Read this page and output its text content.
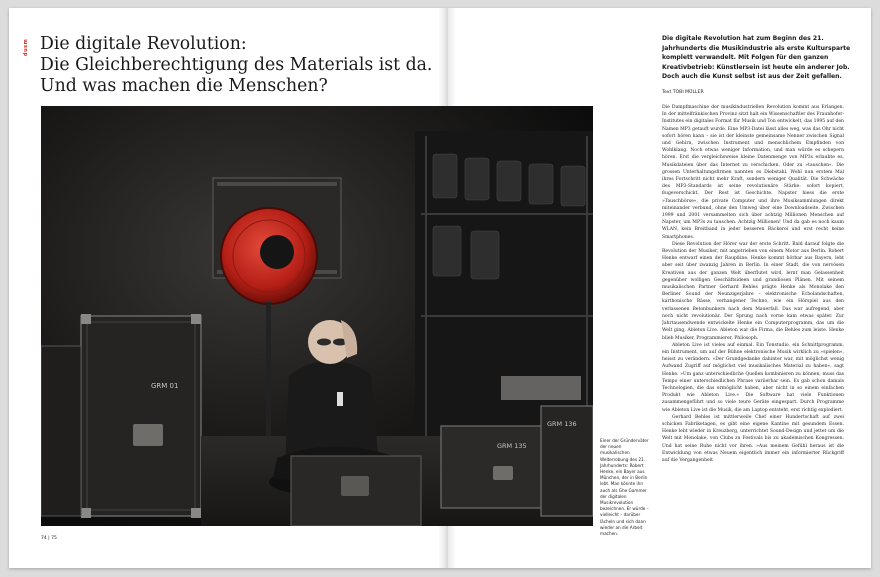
dusm Die digitale Revolution:
Die Gleichberechtigung des Materials ist da.
Und was machen die Menschen?
GRM 01
GRM 135
GRM 136
Einer der Gründerväter der neuen musikalischen Welterrobung des 21. Jahrhunderts: Robert Henke, ein Bayer aus München, der in Berlin lebt. Man könnte ihn auch als Ghe Gammer der digitalen Musikrevolution bezeichnen. Er würde – vielleicht – darüber lächeln und sich dann wieder an die Arbeit machen.
74 | 75

Die digitale Revolution hat zum Beginn des 21. Jahrhunderts die Musikindustrie als erste Kultursparte komplett verwandelt. Mit Folgen für den ganzen Kreativbetrieb: Künstlersein ist heute ein anderer Job. Doch auch die Kunst selbst ist aus der Zeit gefallen.

Text TOBI MÜLLER

Die Dampfmaschine der musikindustriellen Revolution kommt aus Erlangen. In der mittelfränkischen Provinz sitzt halt ein Wissenschaftler des Fraunhofer-Institutes ein digitales Format für Musik und Ton entwickelt, das 1995 auf den Namen MP3 getauft wurde. Eine MP3-Datei lässt alles weg, was das Ohr nicht sofort hören kann – sie ist der kleinste gemeinsame Nenner zwischen Signal und Gehirn, zwischen Instrument und menschlichem Empfinden von Wohlklang. Noch etwas weniger Information, und man würde es schepern hören. Erst die vergleichsweise kleine Datenmenge von MP3s erlaubte es, Musikdateien über das Internet zu verschicken. Oder zu »tauschen«. Die grossen Unterhaltungsfirmen nannten es Diebstahl. Wohl nun erstem Mal ihres Fortschritt nicht mehr Kraft, sondern weniger Qualität. Die Schwäche des MP3-Standards ist seine revolutionäre Stärke: sofort kopiert, ßugeverschickt. Der Rest ist Geschichte. Napster hiess die erste »Tauschbörse«, die private Computer und ihre Musiksammlungen direkt miteinander verbund, ohne den Umweg über eine Downloadseite. Zwischen 1999 und 2001 versammelten sich über achtzig Millionen Menschen auf Napster, um MP3s zu tauschen. Achtzig Millionen! Und da gab es noch kaum WLAN, kein Breitband in jeder besseren Bäckerei und erst recht keine Smartphones.

Diese Revolution der Hörer war der erste Schritt. Bald darauf folgte die Revolution der Musiker, mit angetrieben von einem Motor aus Berlin. Robert Henke entwarf einen der Raupßine. Henke kommt hörbar aus Bayern, lebt aber seit über zwanzig Jahren in Berlin. In einer Stadt, die von nervösen Kreativen aus der ganzen Welt überflutet wird, lernt man Gelassenheit gegenüber wolligen Geschäftsideen und grandiosen Plänen. Mit seinem musikalischen Partner Gerhard Behles prägte Henke als Monolake den Berliner Sound der Neunzigerjahre – elektronische Echolandschaften, karthonische Bässe, verhangener Techno, wie ein Hörspiel aus den verlassenen Betonbunkern nach dem Mauerfall. Das war aufregend, aber noch nicht revolutionär. Der Sprung nach vorne kam etwas später. Zur Jahrtausendwende entwickelte Henke ein Computerprogramm, das um die Welt ging, Ableton Live. Ableton war die Firma, die Behles zum leiste. Henke blieb Musiker, Programmierer, Philosoph.

Ableton Live ist vieles auf einmal. Ein Tonstudio, ein Schnittprogramm, ein Instrument, um auf der Bühne elektronische Musik wirklich zu »spielen«, heisst zu verändern. »Der Grundgedanke dahinter war, mit möglichst wenig Aufwand Zugriff auf möglichst viel musikalisches Material zu haben«, sagt Henke. »Um ganz unterschiedliche Quellen kombinieren zu können, muss das Tempo einer unterschiedlichen Phrase variierbar sein. Es gab schon damals Technologien, die das ermöglicht haben, aber nicht in so einem einfachen Produkt wie Ableton Live.« Die Software hat viele Funktionen zusammengeführt und so viele teure Geräte eingespart. Durch Programme wie Ableton Live ist die Musik, die am Laptop entsteht, erst richtig explodiert.

Gerhard Behles ist mittlerweile Chef einer Hundertschaft auf zwei schicken Fabriketagen, es gibt eine eigene Kantine mit gesundem Essen. Henke lebt wieder in Kreuzberg, unterrichtet Sound-Design und jettet um die Welt mit Monolake, von Clubs zu Festivals bis zu akademischen Kongressen. Und hat seine Ruhe nicht vor ihren. »Aus meinem Gefühl heraus ist die Entwicklung von etwas Neuem eigentlich immer ein informierter Rückgriff auf die Vergangenheit
